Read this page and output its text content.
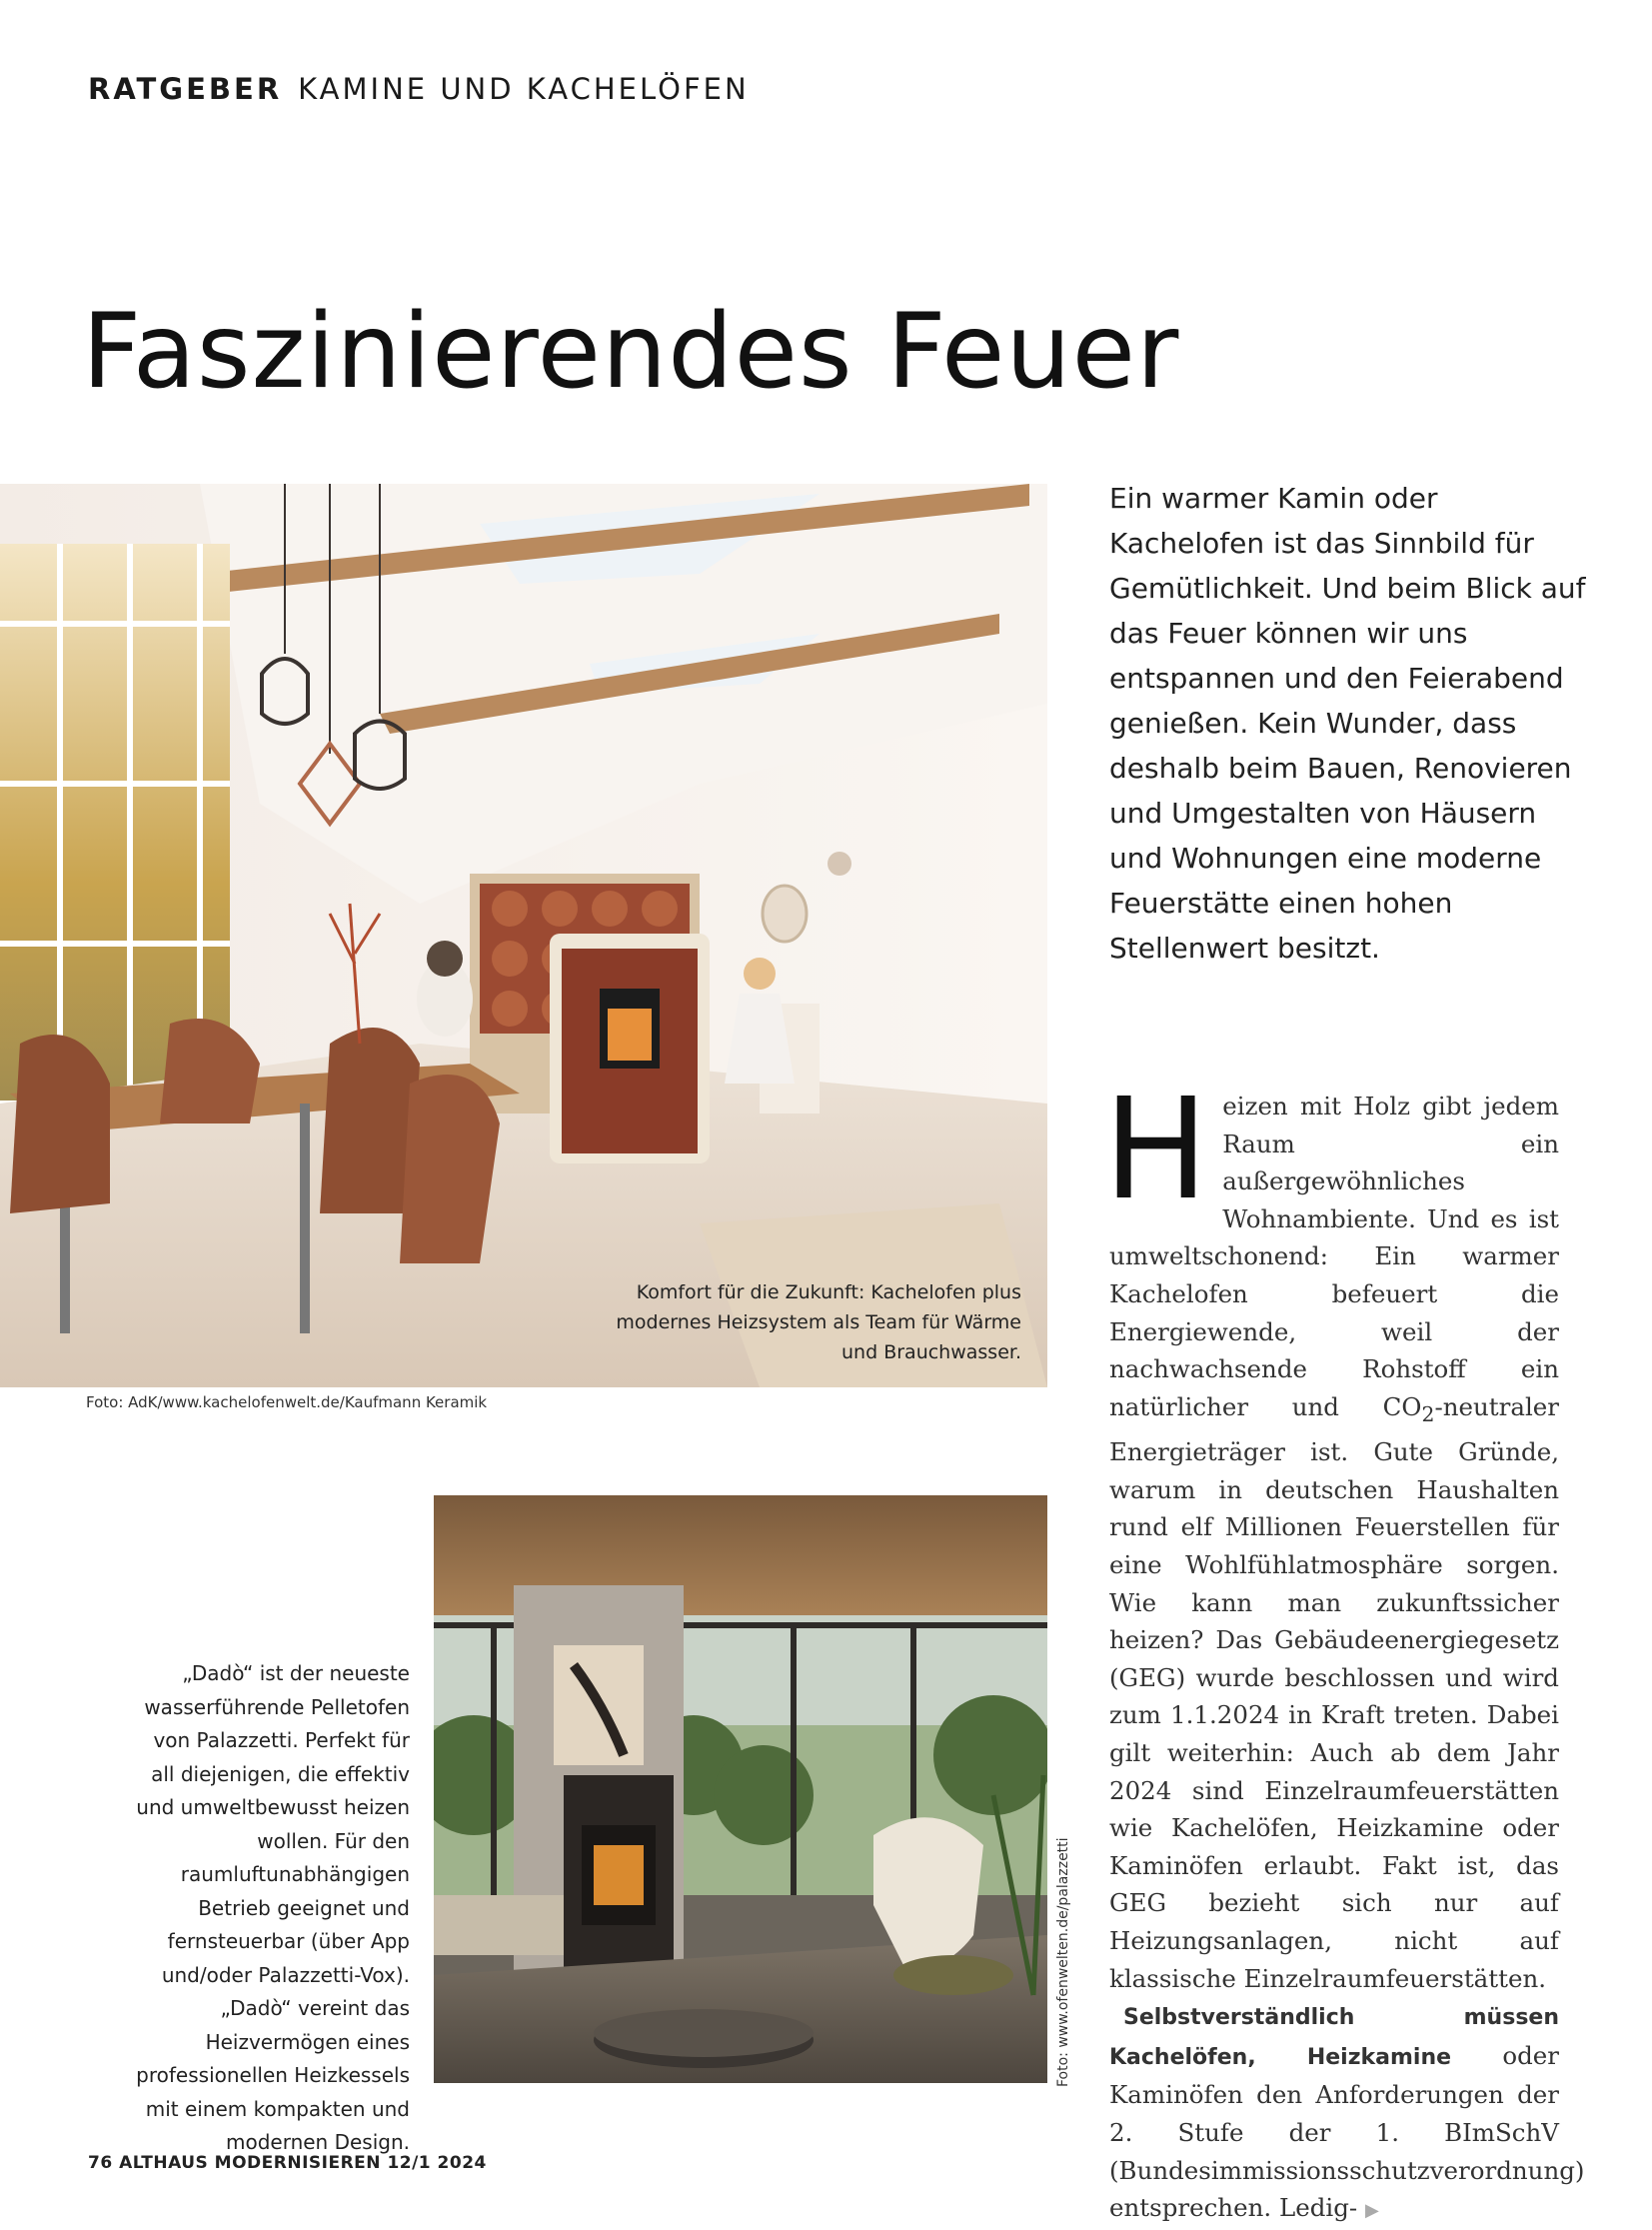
RATGEBER KAMINE UND KACHELÖFEN
Faszinierendes Feuer
Komfort für die Zukunft: Kachelofen plus modernes Heizsystem als Team für Wärme und Brauchwasser.
Foto: AdK/www.kachelofenwelt.de/Kaufmann Keramik
Ein warmer Kamin oder Kachelofen ist das Sinnbild für Gemütlichkeit. Und beim Blick auf das Feuer können wir uns entspannen und den Feierabend genießen. Kein Wunder, dass deshalb beim Bauen, Renovieren und Umgestalten von Häusern und Wohnungen eine moderne Feuerstätte einen hohen Stellenwert besitzt.

Heizen mit Holz gibt jedem Raum ein außergewöhnliches Wohnambiente. Und es ist umweltschonend: Ein warmer Kachelofen befeuert die Energiewende, weil der nachwachsende Rohstoff ein natürlicher und $CO_2$-neutraler Energieträger ist. Gute Gründe, warum in deutschen Haushalten rund elf Millionen Feuerstellen für eine Wohlfühlatmosphäre sorgen. Wie kann man zukunftssicher heizen? Das Gebäudeenergiegesetz (GEG) wurde beschlossen und wird zum 1.1.2024 in Kraft treten. Dabei gilt weiterhin: Auch ab dem Jahr 2024 sind Einzelraumfeuerstätten wie Kachelöfen, Heizkamine oder Kaminöfen erlaubt. Fakt ist, das GEG bezieht sich nur auf Heizungsanlagen, nicht auf klassische Einzelraumfeuerstätten.

Selbstverständlich müssen Kachelöfen, Heizkamine oder Kaminöfen den Anforderungen der 2. Stufe der 1. BImSchV (Bundesimmissionsschutzverordnung) entsprechen. Ledig- ▶

Foto: www.ofenwelten.de/palazzetti
„Dadò“ ist der neueste wasserführende Pelletofen von Palazzetti. Perfekt für all diejenigen, die effektiv und umweltbewusst heizen wollen. Für den raumluftunabhängigen Betrieb geeignet und fernsteuerbar (über App und/oder Palazzetti-Vox). „Dadò“ vereint das Heizvermögen eines professionellen Heizkessels mit einem kompakten und modernen Design.
76 ALTHAUS MODERNISIEREN 12/1 2024
